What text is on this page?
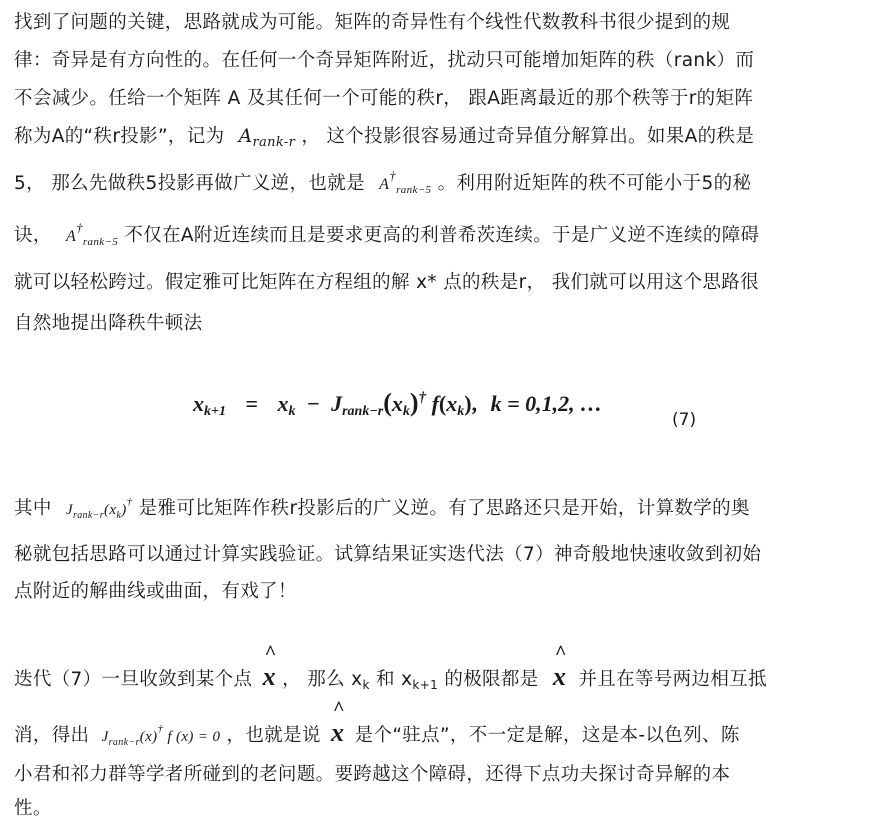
找到了问题的关键，思路就成为可能。矩阵的奇异性有个线性代数教科书很少提到的规
律：奇异是有方向性的。在任何一个奇异矩阵附近，扰动只可能增加矩阵的秩（rank）而
不会减少。任给一个矩阵 A 及其任何一个可能的秩r， 跟A距离最近的那个秩等于r的矩阵
称为A的“秩r投影”，记为 $A_{rank-r}$ ， 这个投影很容易通过奇异值分解算出。如果A的秩是
5， 那么先做秩5投影再做广义逆，也就是 $A^\dagger_{rank-5}$ 。利用附近矩阵的秩不可能小于5的秘
诀， $A^\dagger_{rank-5}$ 不仅在A附近连续而且是要求更高的利普希茨连续。于是广义逆不连续的障碍
就可以轻松跨过。假定雅可比矩阵在方程组的解 x* 点的秩是r， 我们就可以用这个思路很
自然地提出降秩牛顿法
$x_{k+1} = x_k - J_{rank-r}(x_k)^\dagger$ $f(x_k)$, k = 0,1,2, …
(7)
其中 $J_{rank-r}(x_k)^\dagger$ 是雅可比矩阵作秩r投影后的广义逆。有了思路还只是开始，计算数学的奥
秘就包括思路可以通过计算实践验证。试算结果证实迭代法（7）神奇般地快速收敛到初始
点附近的解曲线或曲面，有戏了！
迭代（7）一旦收敛到某个点 ^ x ， 那么 $x_k$ 和 $x_{k+1}$ 的极限都是 ^ x 并且在等号两边相互抵
消，得出 $J_{rank-r}(x)^\dagger$ f (x) = 0 ，也就是说 ^ x 是个“驻点”，不一定是解，这是本-以色列、陈
小君和祁力群等学者所碰到的老问题。要跨越这个障碍，还得下点功夫探讨奇异解的本
性。
